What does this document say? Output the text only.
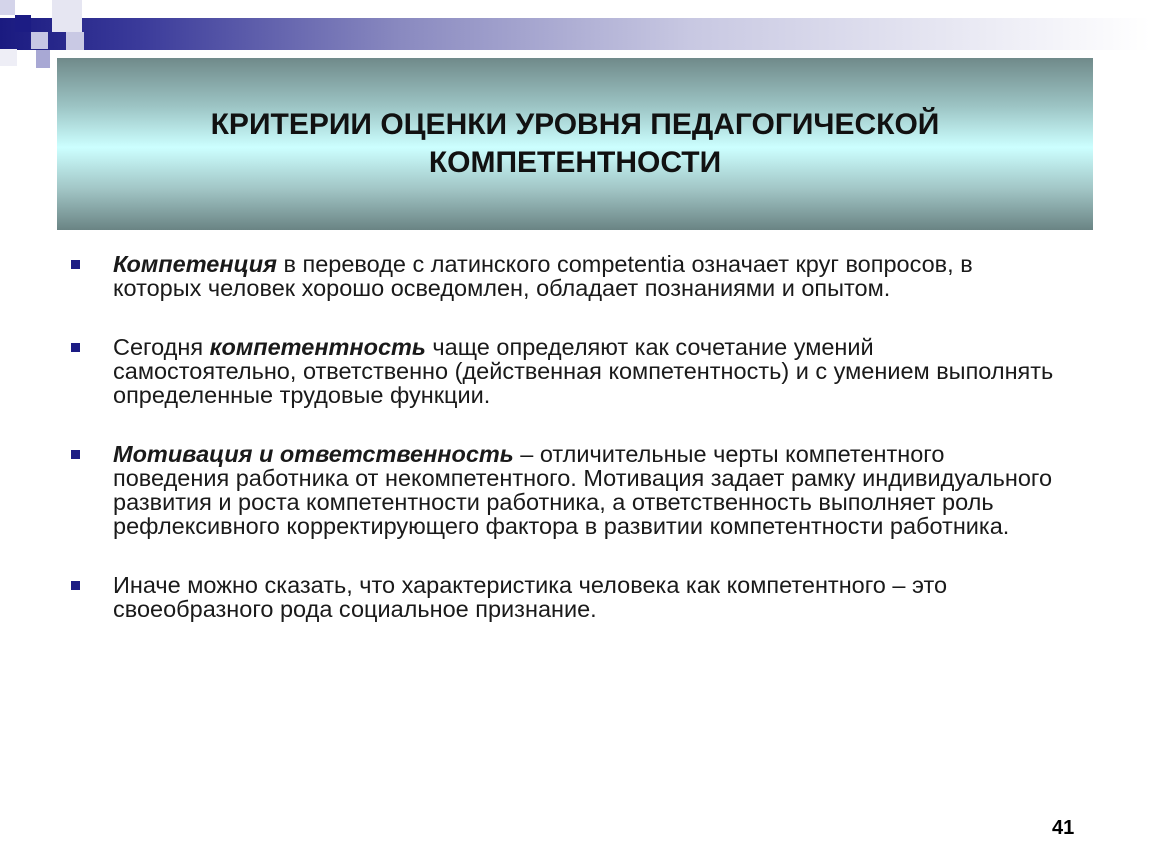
КРИТЕРИИ ОЦЕНКИ УРОВНЯ ПЕДАГОГИЧЕСКОЙ
КОМПЕТЕНТНОСТИ
Компетенция в переводе с латинского competentia означает круг вопросов, в которых человек хорошо осведомлен, обладает познаниями и опытом.
Сегодня компетентность чаще определяют как сочетание умений самостоятельно, ответственно (действенная компетентность) и с умением выполнять определенные трудовые функции.
Мотивация и ответственность – отличительные черты компетентного поведения работника от некомпетентного. Мотивация задает рамку индивидуального развития и роста компетентности работника, а ответственность выполняет роль рефлексивного корректирующего фактора в развитии компетентности работника.
Иначе можно сказать, что характеристика человека как компетентного – это своеобразного рода социальное признание.
41
